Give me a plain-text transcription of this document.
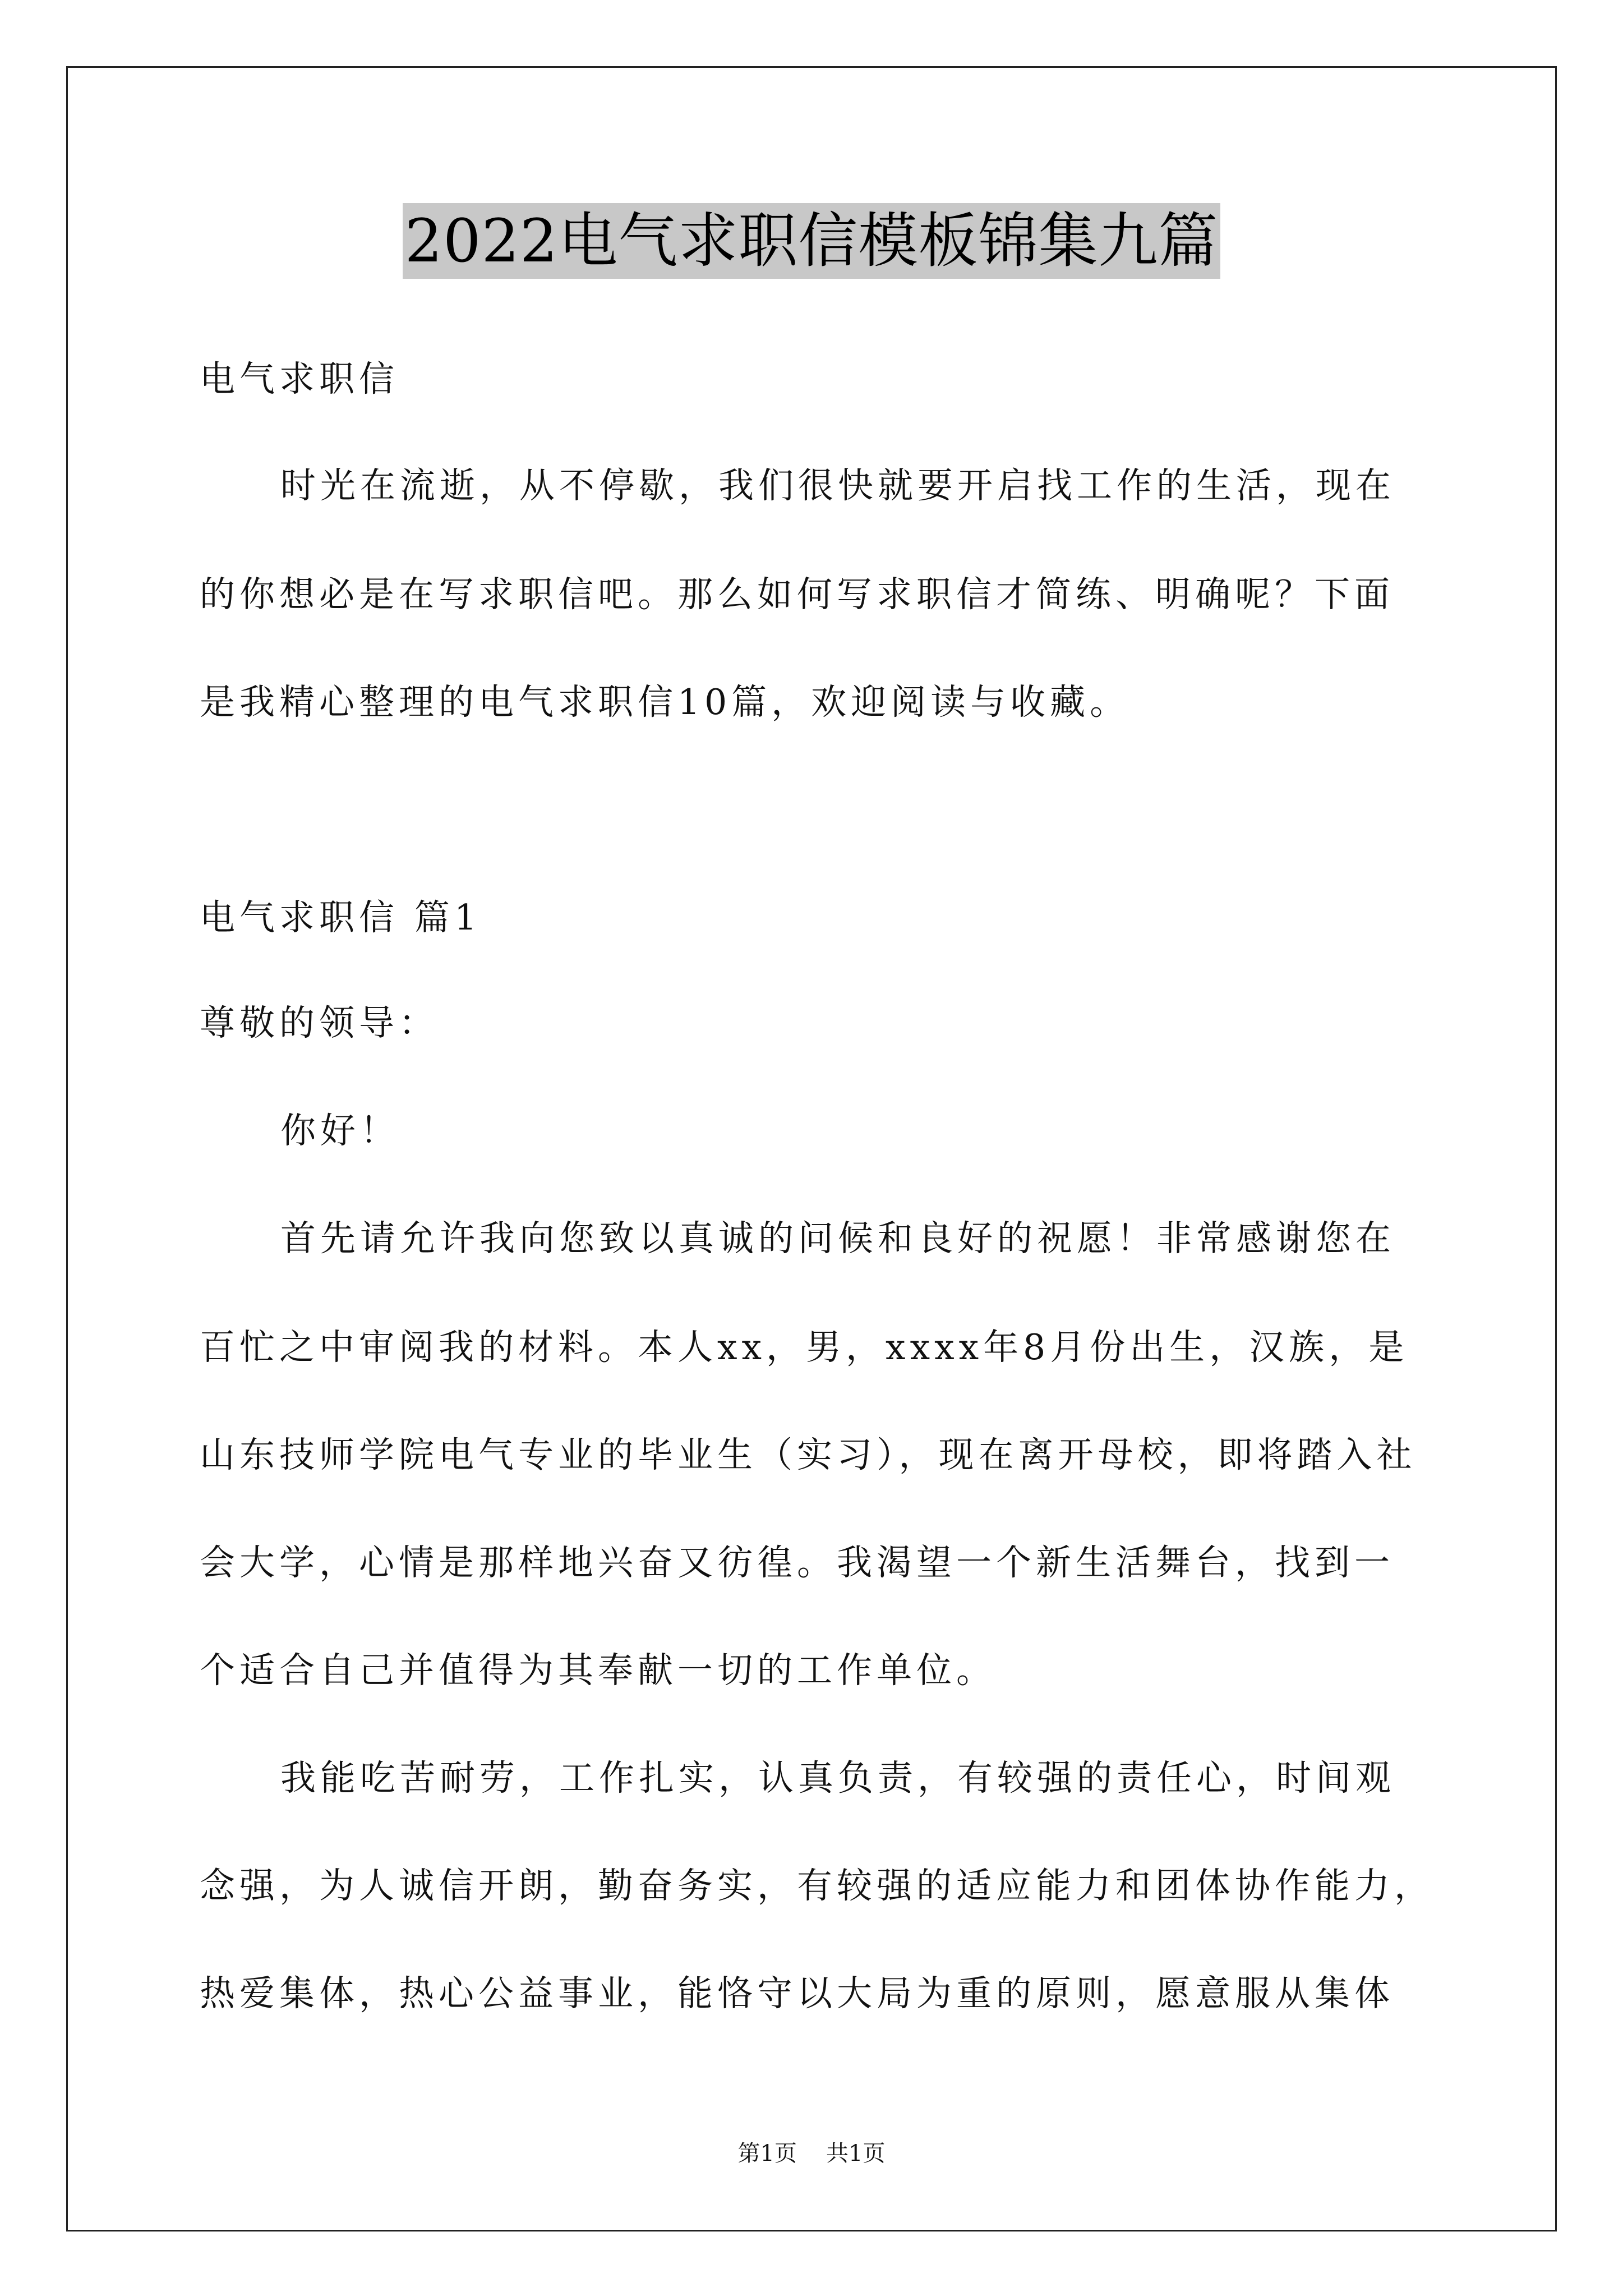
2022电气求职信模板锦集九篇
电气求职信
时光在流逝，从不停歇，我们很快就要开启找工作的生活，现在
的你想必是在写求职信吧。那么如何写求职信才简练、明确呢？下面
是我精心整理的电气求职信10篇，欢迎阅读与收藏。
电气求职信 篇1
尊敬的领导：
你好！
首先请允许我向您致以真诚的问候和良好的祝愿！非常感谢您在
百忙之中审阅我的材料。本人xx，男，xxxx年8月份出生，汉族，是
山东技师学院电气专业的毕业生（实习），现在离开母校，即将踏入社
会大学，心情是那样地兴奋又彷徨。我渴望一个新生活舞台，找到一
个适合自己并值得为其奉献一切的工作单位。
我能吃苦耐劳，工作扎实，认真负责，有较强的责任心，时间观
念强，为人诚信开朗，勤奋务实，有较强的适应能力和团体协作能力，
热爱集体，热心公益事业，能恪守以大局为重的原则，愿意服从集体
第1页 共1页
